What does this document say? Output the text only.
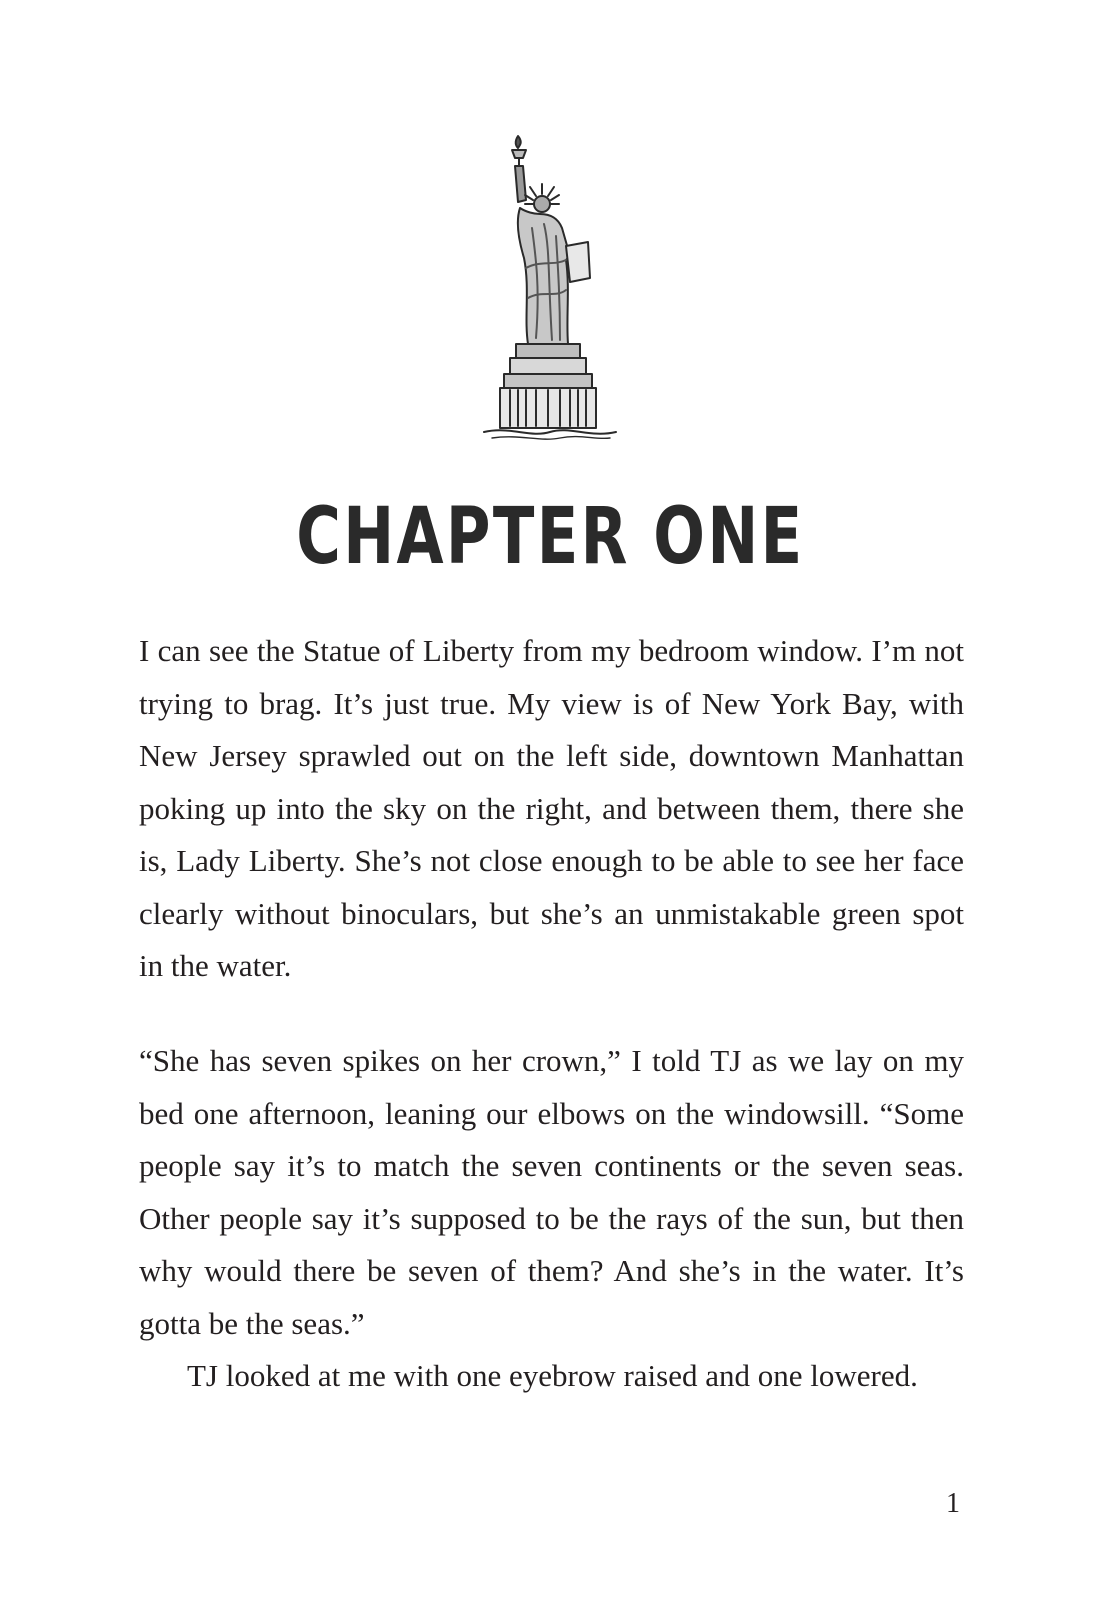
CHAPTER ONE

I can see the Statue of Liberty from my bedroom window. I’m not trying to brag. It’s just true. My view is of New York Bay, with New Jersey sprawled out on the left side, downtown Manhattan poking up into the sky on the right, and between them, there she is, Lady Liberty. She’s not close enough to be able to see her face clearly without binoculars, but she’s an unmistakable green spot in the water.

“She has seven spikes on her crown,” I told TJ as we lay on my bed one afternoon, leaning our elbows on the windowsill. “Some people say it’s to match the seven continents or the seven seas. Other people say it’s supposed to be the rays of the sun, but then why would there be seven of them? And she’s in the water. It’s gotta be the seas.”

TJ looked at me with one eyebrow raised and one lowered.

1
